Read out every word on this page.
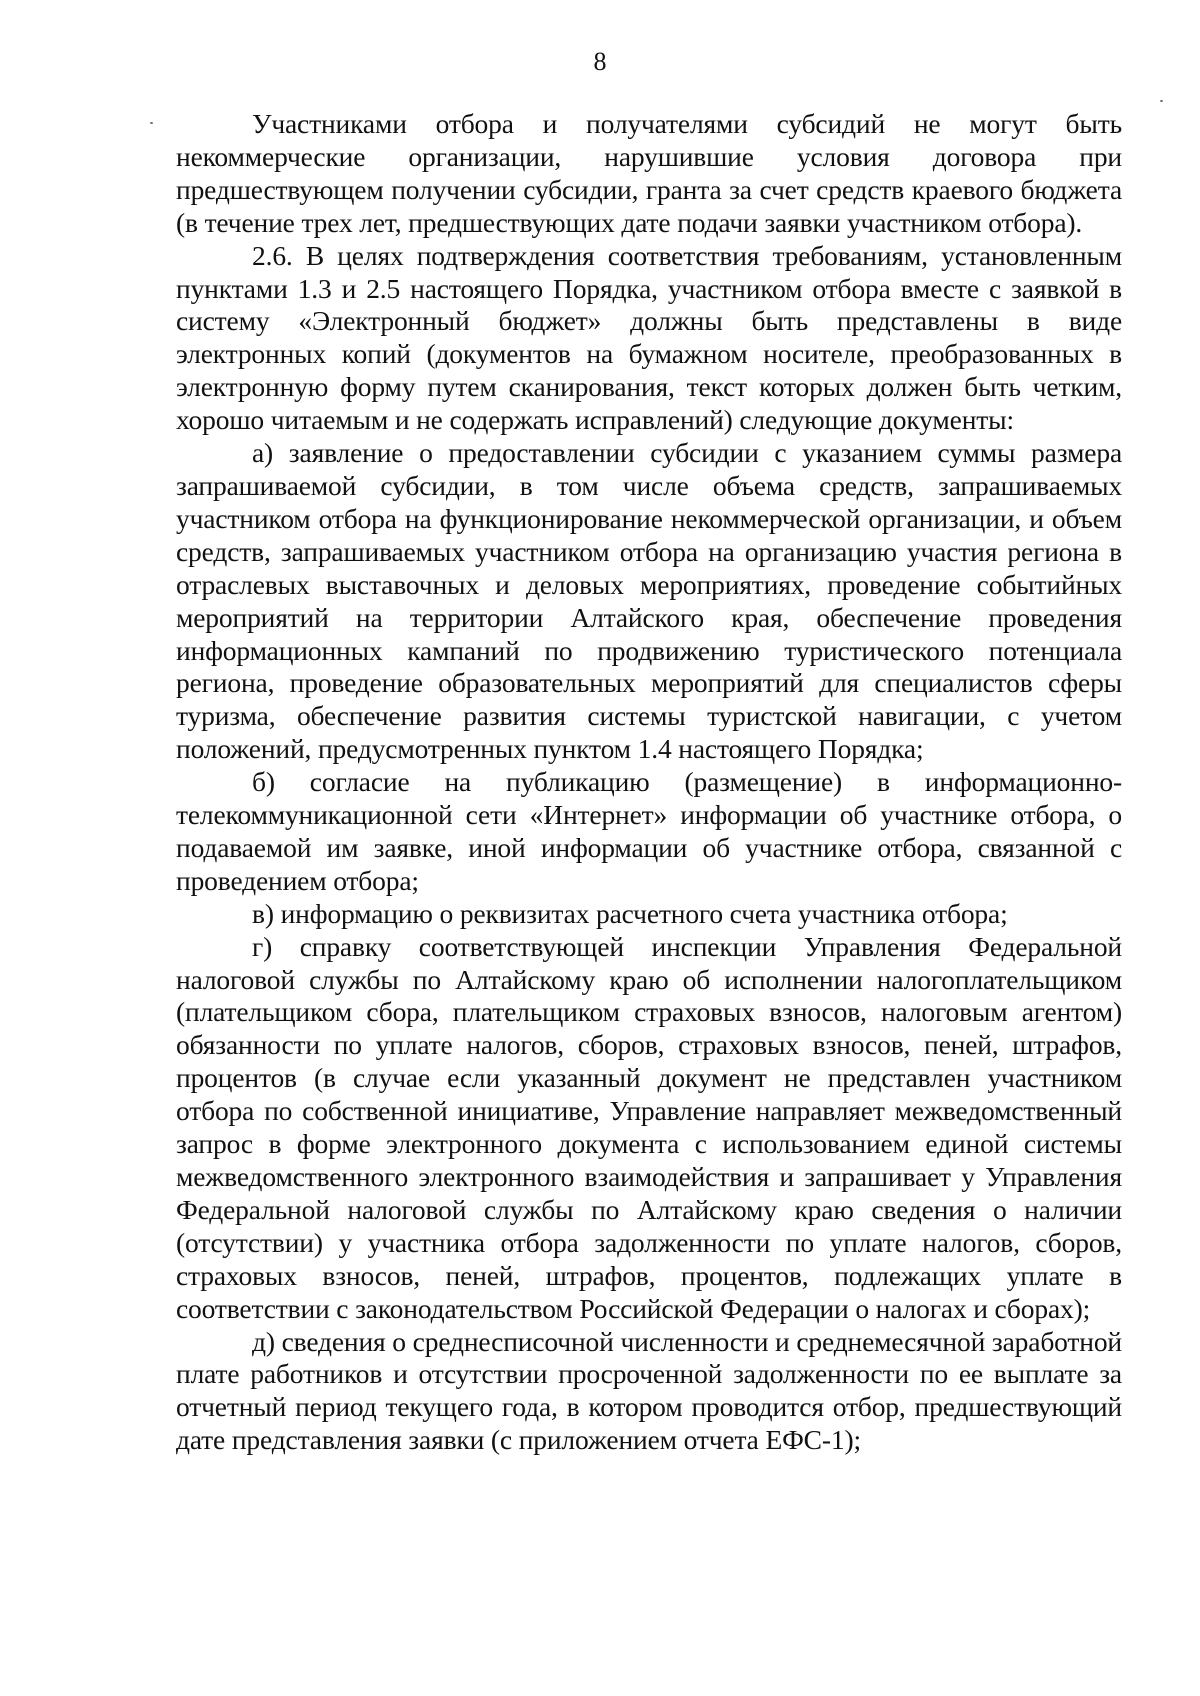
8

Участниками отбора и получателями субсидий не могут быть некоммерческие организации, нарушившие условия договора при предшествующем получении субсидии, гранта за счет средств краевого бюджета (в течение трех лет, предшествующих дате подачи заявки участником отбора).

2.6. В целях подтверждения соответствия требованиям, установленным пунктами 1.3 и 2.5 настоящего Порядка, участником отбора вместе с заявкой в систему «Электронный бюджет» должны быть представлены в виде электронных копий (документов на бумажном носителе, преобразованных в электронную форму путем сканирования, текст которых должен быть четким, хорошо читаемым и не содержать исправлений) следующие документы:

а) заявление о предоставлении субсидии с указанием суммы размера запрашиваемой субсидии, в том числе объема средств, запрашиваемых участником отбора на функционирование некоммерческой организации, и объем средств, запрашиваемых участником отбора на организацию участия региона в отраслевых выставочных и деловых мероприятиях, проведение событийных мероприятий на территории Алтайского края, обеспечение проведения информационных кампаний по продвижению туристического потенциала региона, проведение образовательных мероприятий для специалистов сферы туризма, обеспечение развития системы туристской навигации, с учетом положений, предусмотренных пунктом 1.4 настоящего Порядка;

б) согласие на публикацию (размещение) в информационно-телекоммуникационной сети «Интернет» информации об участнике отбора, о подаваемой им заявке, иной информации об участнике отбора, связанной с проведением отбора;

в) информацию о реквизитах расчетного счета участника отбора;

г) справку соответствующей инспекции Управления Федеральной налоговой службы по Алтайскому краю об исполнении налогоплательщиком (плательщиком сбора, плательщиком страховых взносов, налоговым агентом) обязанности по уплате налогов, сборов, страховых взносов, пеней, штрафов, процентов (в случае если указанный документ не представлен участником отбора по собственной инициативе, Управление направляет межведомственный запрос в форме электронного документа с использованием единой системы межведомственного электронного взаимодействия и запрашивает у Управления Федеральной налоговой службы по Алтайскому краю сведения о наличии (отсутствии) у участника отбора задолженности по уплате налогов, сборов, страховых взносов, пеней, штрафов, процентов, подлежащих уплате в соответствии с законодательством Российской Федерации о налогах и сборах);

д) сведения о среднесписочной численности и среднемесячной заработной плате работников и отсутствии просроченной задолженности по ее выплате за отчетный период текущего года, в котором проводится отбор, предшествующий дате представления заявки (с приложением отчета ЕФС-1);
